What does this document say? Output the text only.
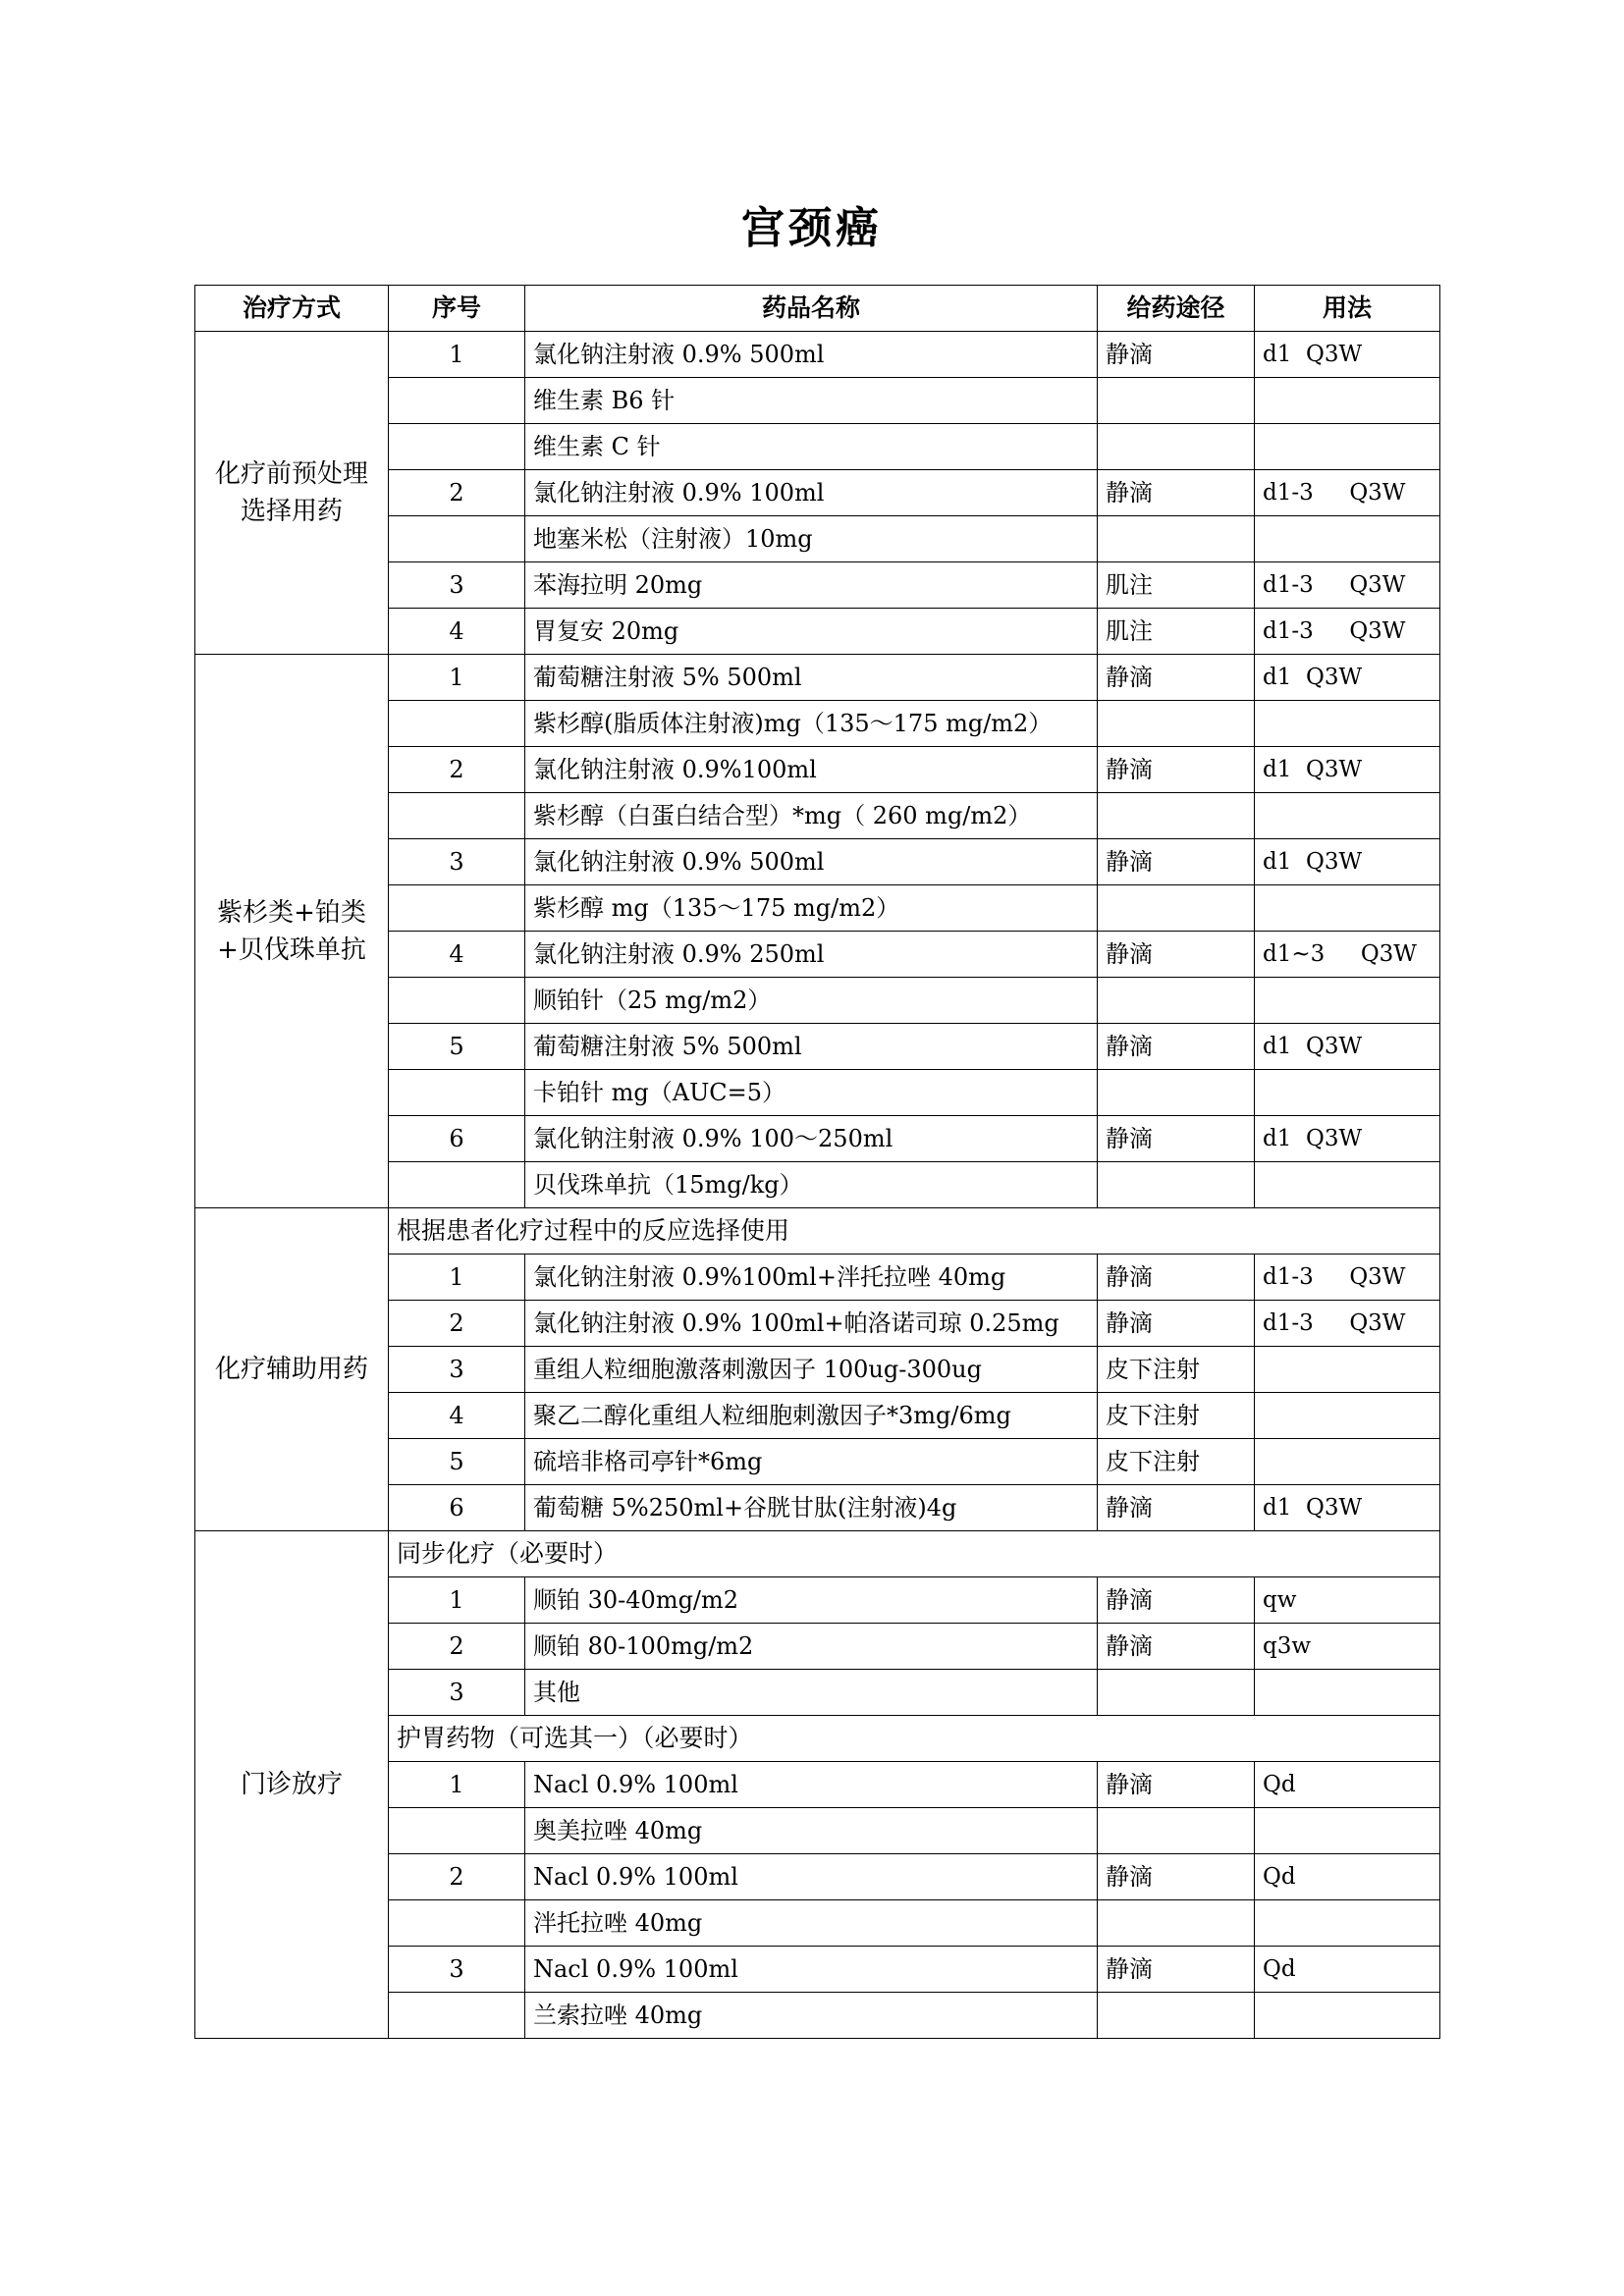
宫颈癌
治疗方式	序号	药品名称	给药途径	用法
化疗前预处理选择用药	1	氯化钠注射液 0.9% 500ml	静滴	d1  Q3W
		维生素 B6 针		
		维生素 C 针		
	2	氯化钠注射液 0.9% 100ml	静滴	d1-3     Q3W
		地塞米松（注射液）10mg		
	3	苯海拉明 20mg	肌注	d1-3     Q3W
	4	胃复安 20mg	肌注	d1-3     Q3W
紫杉类+铂类+贝伐珠单抗	1	葡萄糖注射液 5% 500ml	静滴	d1  Q3W
		紫杉醇(脂质体注射液)mg（135～175 mg/m2）		
	2	氯化钠注射液 0.9%100ml	静滴	d1  Q3W
		紫杉醇（白蛋白结合型）*mg（ 260 mg/m2）		
	3	氯化钠注射液 0.9% 500ml	静滴	d1  Q3W
		紫杉醇 mg（135～175 mg/m2）		
	4	氯化钠注射液 0.9% 250ml	静滴	d1~3     Q3W
		顺铂针（25 mg/m2）		
	5	葡萄糖注射液 5% 500ml	静滴	d1  Q3W
		卡铂针 mg（AUC=5）		
	6	氯化钠注射液 0.9% 100～250ml	静滴	d1  Q3W
		贝伐珠单抗（15mg/kg）		
化疗辅助用药	根据患者化疗过程中的反应选择使用			
	1	氯化钠注射液 0.9%100ml+泮托拉唑 40mg	静滴	d1-3     Q3W
	2	氯化钠注射液 0.9% 100ml+帕洛诺司琼 0.25mg	静滴	d1-3     Q3W
	3	重组人粒细胞激落刺激因子 100ug-300ug	皮下注射	
	4	聚乙二醇化重组人粒细胞刺激因子*3mg/6mg	皮下注射	
	5	硫培非格司亭针*6mg	皮下注射	
	6	葡萄糖 5%250ml+谷胱甘肽(注射液)4g	静滴	d1  Q3W
门诊放疗	同步化疗（必要时）			
	1	顺铂 30-40mg/m2	静滴	qw
	2	顺铂 80-100mg/m2	静滴	q3w
	3	其他		
	护胃药物（可选其一）（必要时）			
	1	Nacl 0.9% 100ml	静滴	Qd
		奥美拉唑 40mg		
	2	Nacl 0.9% 100ml	静滴	Qd
		泮托拉唑 40mg		
	3	Nacl 0.9% 100ml	静滴	Qd
		兰索拉唑 40mg		
